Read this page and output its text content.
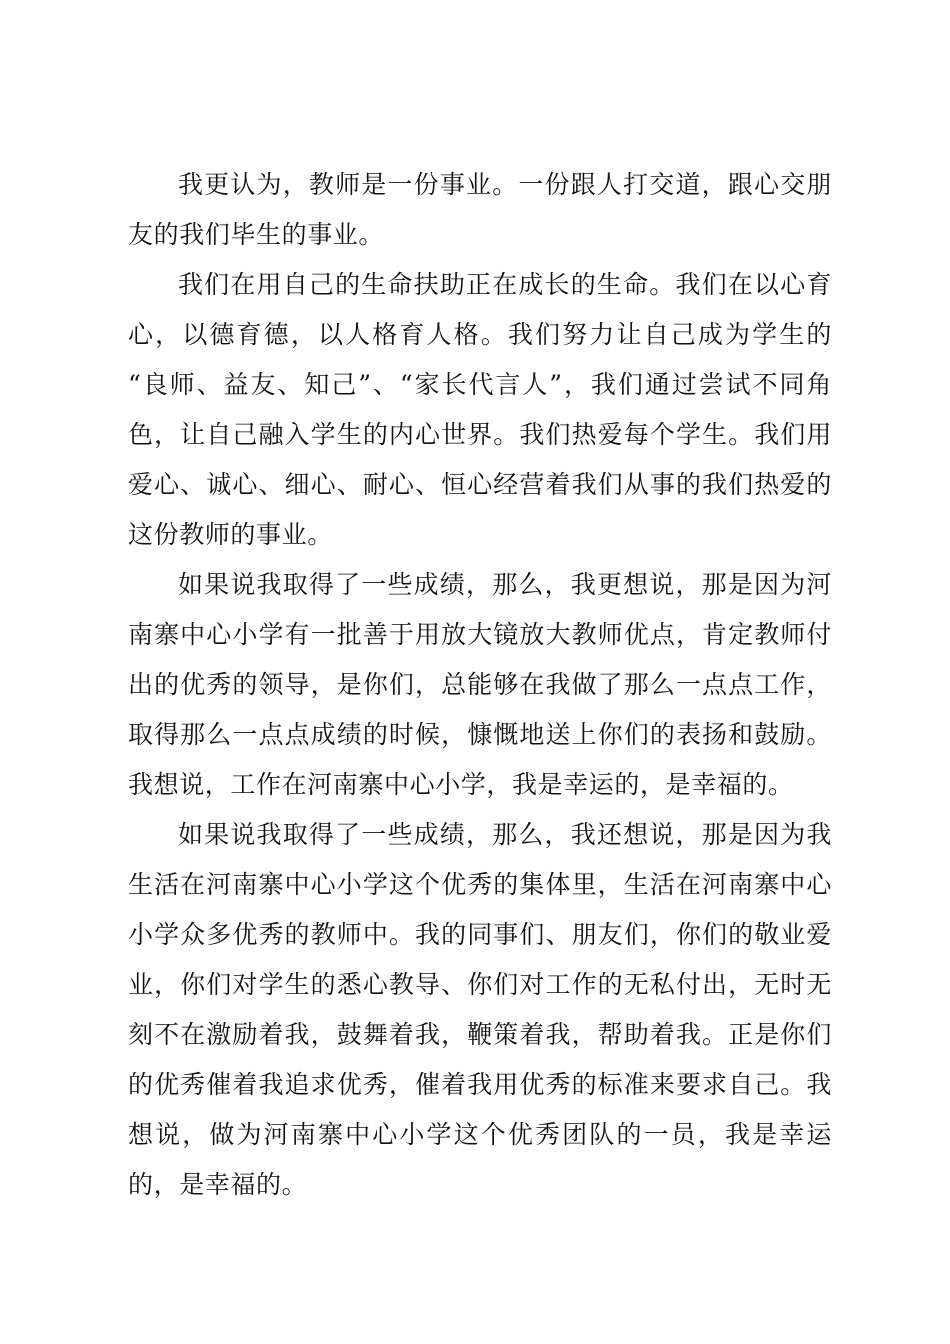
我更认为，教师是一份事业。一份跟人打交道，跟心交朋友的我们毕生的事业。

我们在用自己的生命扶助正在成长的生命。我们在以心育心，以德育德，以人格育人格。我们努力让自己成为学生的 “良师、益友、知己”、“家长代言人”，我们通过尝试不同角色，让自己融入学生的内心世界。我们热爱每个学生。我们用爱心、诚心、细心、耐心、恒心经营着我们从事的我们热爱的这份教师的事业。

如果说我取得了一些成绩，那么，我更想说，那是因为河南寨中心小学有一批善于用放大镜放大教师优点，肯定教师付出的优秀的领导，是你们，总能够在我做了那么一点点工作，取得那么一点点成绩的时候，慷慨地送上你们的表扬和鼓励。我想说，工作在河南寨中心小学，我是幸运的，是幸福的。

如果说我取得了一些成绩，那么，我还想说，那是因为我生活在河南寨中心小学这个优秀的集体里，生活在河南寨中心小学众多优秀的教师中。我的同事们、朋友们，你们的敬业爱业，你们对学生的悉心教导、你们对工作的无私付出，无时无刻不在激励着我，鼓舞着我，鞭策着我，帮助着我。正是你们的优秀催着我追求优秀，催着我用优秀的标准来要求自己。我想说，做为河南寨中心小学这个优秀团队的一员，我是幸运的，是幸福的。
